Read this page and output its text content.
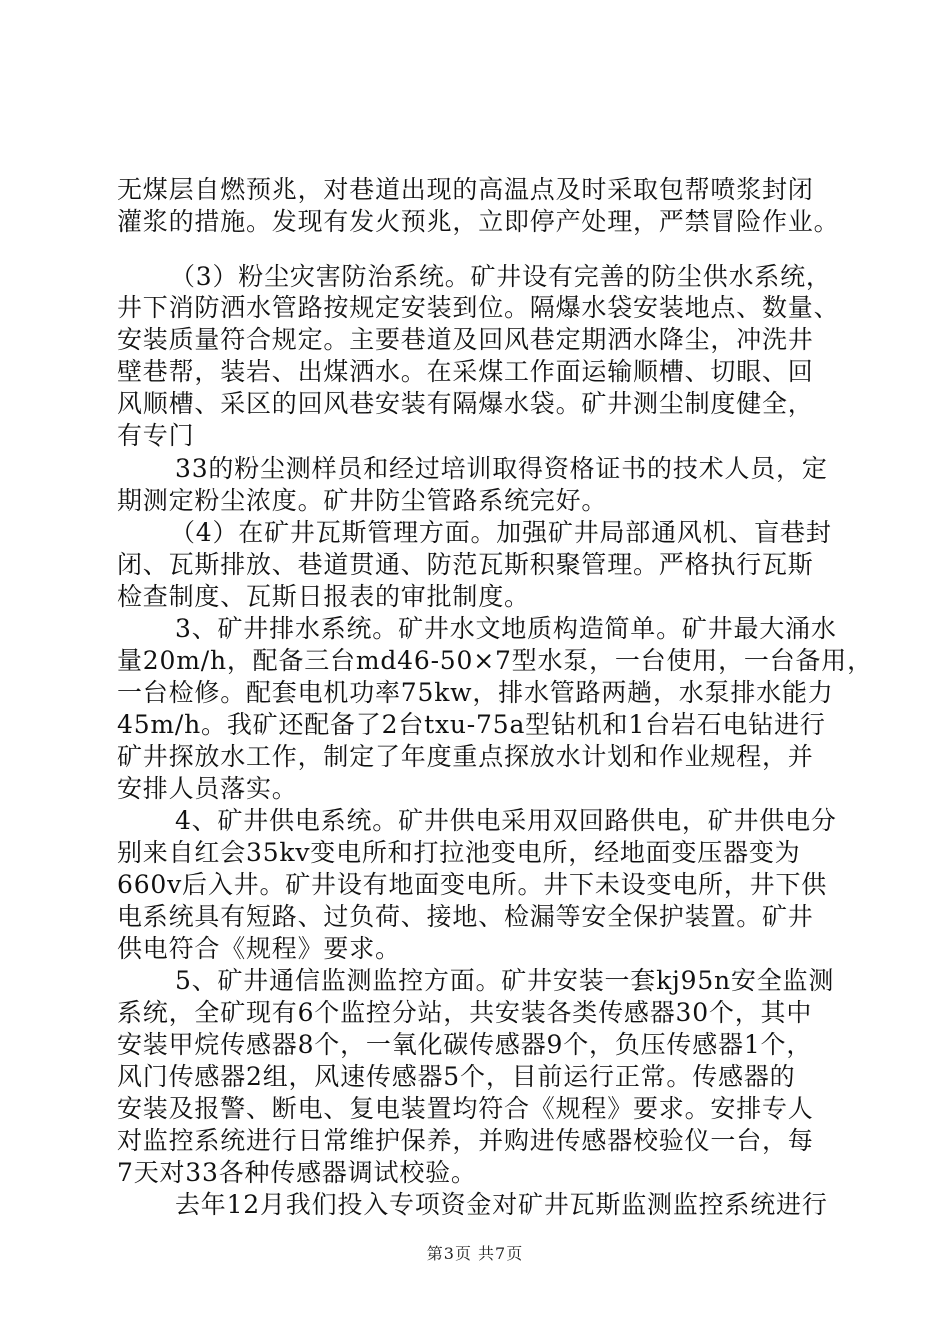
无煤层自燃预兆，对巷道出现的高温点及时采取包帮喷浆封闭
灌浆的措施。发现有发火预兆，立即停产处理，严禁冒险作业。
（3）粉尘灾害防治系统。矿井设有完善的防尘供水系统，
井下消防洒水管路按规定安装到位。隔爆水袋安装地点、数量、
安装质量符合规定。主要巷道及回风巷定期洒水降尘，冲洗井
壁巷帮，装岩、出煤洒水。在采煤工作面运输顺槽、切眼、回
风顺槽、采区的回风巷安装有隔爆水袋。矿井测尘制度健全，
有专门
33的粉尘测样员和经过培训取得资格证书的技术人员，定
期测定粉尘浓度。矿井防尘管路系统完好。
（4）在矿井瓦斯管理方面。加强矿井局部通风机、盲巷封
闭、瓦斯排放、巷道贯通、防范瓦斯积聚管理。严格执行瓦斯
检查制度、瓦斯日报表的审批制度。
3、矿井排水系统。矿井水文地质构造简单。矿井最大涌水
量20m/h，配备三台md46-50×7型水泵，一台使用，一台备用，
一台检修。配套电机功率75kw，排水管路两趟，水泵排水能力
45m/h。我矿还配备了2台txu-75a型钻机和1台岩石电钻进行
矿井探放水工作，制定了年度重点探放水计划和作业规程，并
安排人员落实。
4、矿井供电系统。矿井供电采用双回路供电，矿井供电分
别来自红会35kv变电所和打拉池变电所，经地面变压器变为
660v后入井。矿井设有地面变电所。井下未设变电所，井下供
电系统具有短路、过负荷、接地、检漏等安全保护装置。矿井
供电符合《规程》要求。
5、矿井通信监测监控方面。矿井安装一套kj95n安全监测
系统，全矿现有6个监控分站，共安装各类传感器30个，其中
安装甲烷传感器8个，一氧化碳传感器9个，负压传感器1个，
风门传感器2组，风速传感器5个，目前运行正常。传感器的
安装及报警、断电、复电装置均符合《规程》要求。安排专人
对监控系统进行日常维护保养，并购进传感器校验仪一台，每
7天对33各种传感器调试校验。
去年12月我们投入专项资金对矿井瓦斯监测监控系统进行
第3页 共7页
